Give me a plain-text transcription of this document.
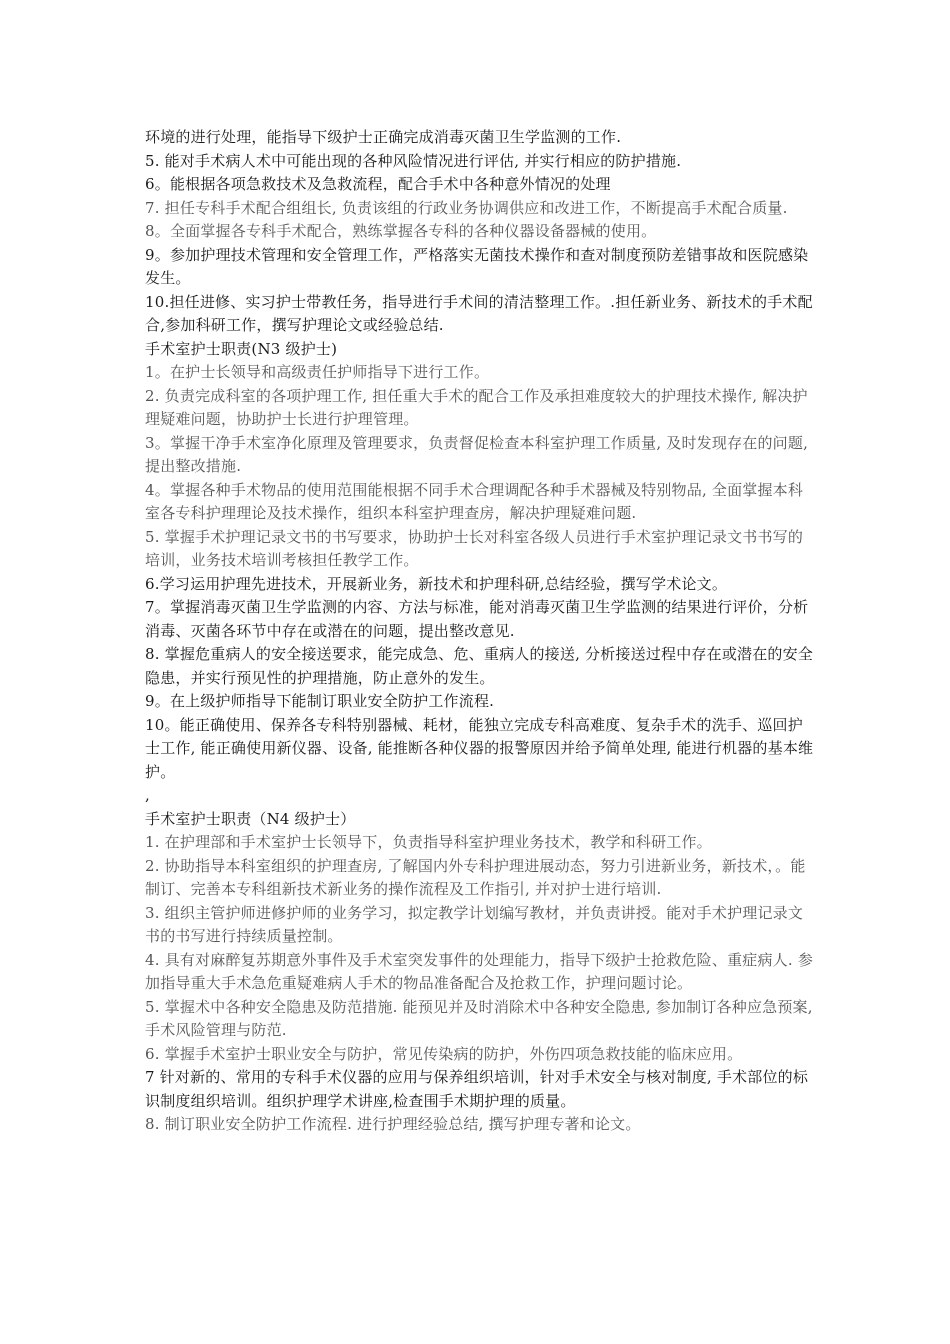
环境的进行处理，能指导下级护士正确完成消毒灭菌卫生学监测的工作.

5. 能对手术病人术中可能出现的各种风险情况进行评估, 并实行相应的防护措施.

6。能根据各项急救技术及急救流程，配合手术中各种意外情况的处理

7. 担任专科手术配合组组长, 负责该组的行政业务协调供应和改进工作，不断提高手术配合质量.

8。全面掌握各专科手术配合，熟练掌握各专科的各种仪器设备器械的使用。

9。参加护理技术管理和安全管理工作，严格落实无菌技术操作和查对制度预防差错事故和医院感染发生。

10.担任进修、实习护士带教任务，指导进行手术间的清洁整理工作。.担任新业务、新技术的手术配合,参加科研工作，撰写护理论文或经验总结.

手术室护士职责(N3 级护士)

1。在护士长领导和高级责任护师指导下进行工作。

2. 负责完成科室的各项护理工作, 担任重大手术的配合工作及承担难度较大的护理技术操作, 解决护理疑难问题，协助护士长进行护理管理。

3。掌握干净手术室净化原理及管理要求，负责督促检查本科室护理工作质量, 及时发现存在的问题, 提出整改措施.

4。掌握各种手术物品的使用范围能根据不同手术合理调配各种手术器械及特别物品, 全面掌握本科室各专科护理理论及技术操作，组织本科室护理查房，解决护理疑难问题.

5. 掌握手术护理记录文书的书写要求，协助护士长对科室各级人员进行手术室护理记录文书书写的培训，业务技术培训考核担任教学工作。

6.学习运用护理先进技术，开展新业务，新技术和护理科研,总结经验，撰写学术论文。

7。掌握消毒灭菌卫生学监测的内容、方法与标准，能对消毒灭菌卫生学监测的结果进行评价，分析消毒、灭菌各环节中存在或潜在的问题，提出整改意见.

8. 掌握危重病人的安全接送要求，能完成急、危、重病人的接送, 分析接送过程中存在或潜在的安全隐患，并实行预见性的护理措施，防止意外的发生。

9。在上级护师指导下能制订职业安全防护工作流程.

10。能正确使用、保养各专科特别器械、耗材，能独立完成专科高难度、复杂手术的洗手、巡回护士工作, 能正确使用新仪器、设备, 能推断各种仪器的报警原因并给予简单处理, 能进行机器的基本维护。

,

手术室护士职责（N4 级护士）

1. 在护理部和手术室护士长领导下，负责指导科室护理业务技术，教学和科研工作。

2. 协助指导本科室组织的护理查房, 了解国内外专科护理进展动态，努力引进新业务，新技术，。能制订、完善本专科组新技术新业务的操作流程及工作指引, 并对护士进行培训.

3. 组织主管护师进修护师的业务学习，拟定教学计划编写教材，并负责讲授。能对手术护理记录文书的书写进行持续质量控制。

4. 具有对麻醉复苏期意外事件及手术室突发事件的处理能力，指导下级护士抢救危险、重症病人. 参加指导重大手术急危重疑难病人手术的物品准备配合及抢救工作，护理问题讨论。

5. 掌握术中各种安全隐患及防范措施. 能预见并及时消除术中各种安全隐患, 参加制订各种应急预案, 手术风险管理与防范.

6. 掌握手术室护士职业安全与防护，常见传染病的防护，外伤四项急救技能的临床应用。

7 针对新的、常用的专科手术仪器的应用与保养组织培训，针对手术安全与核对制度, 手术部位的标识制度组织培训。组织护理学术讲座,检查围手术期护理的质量。

8. 制订职业安全防护工作流程. 进行护理经验总结, 撰写护理专著和论文。
